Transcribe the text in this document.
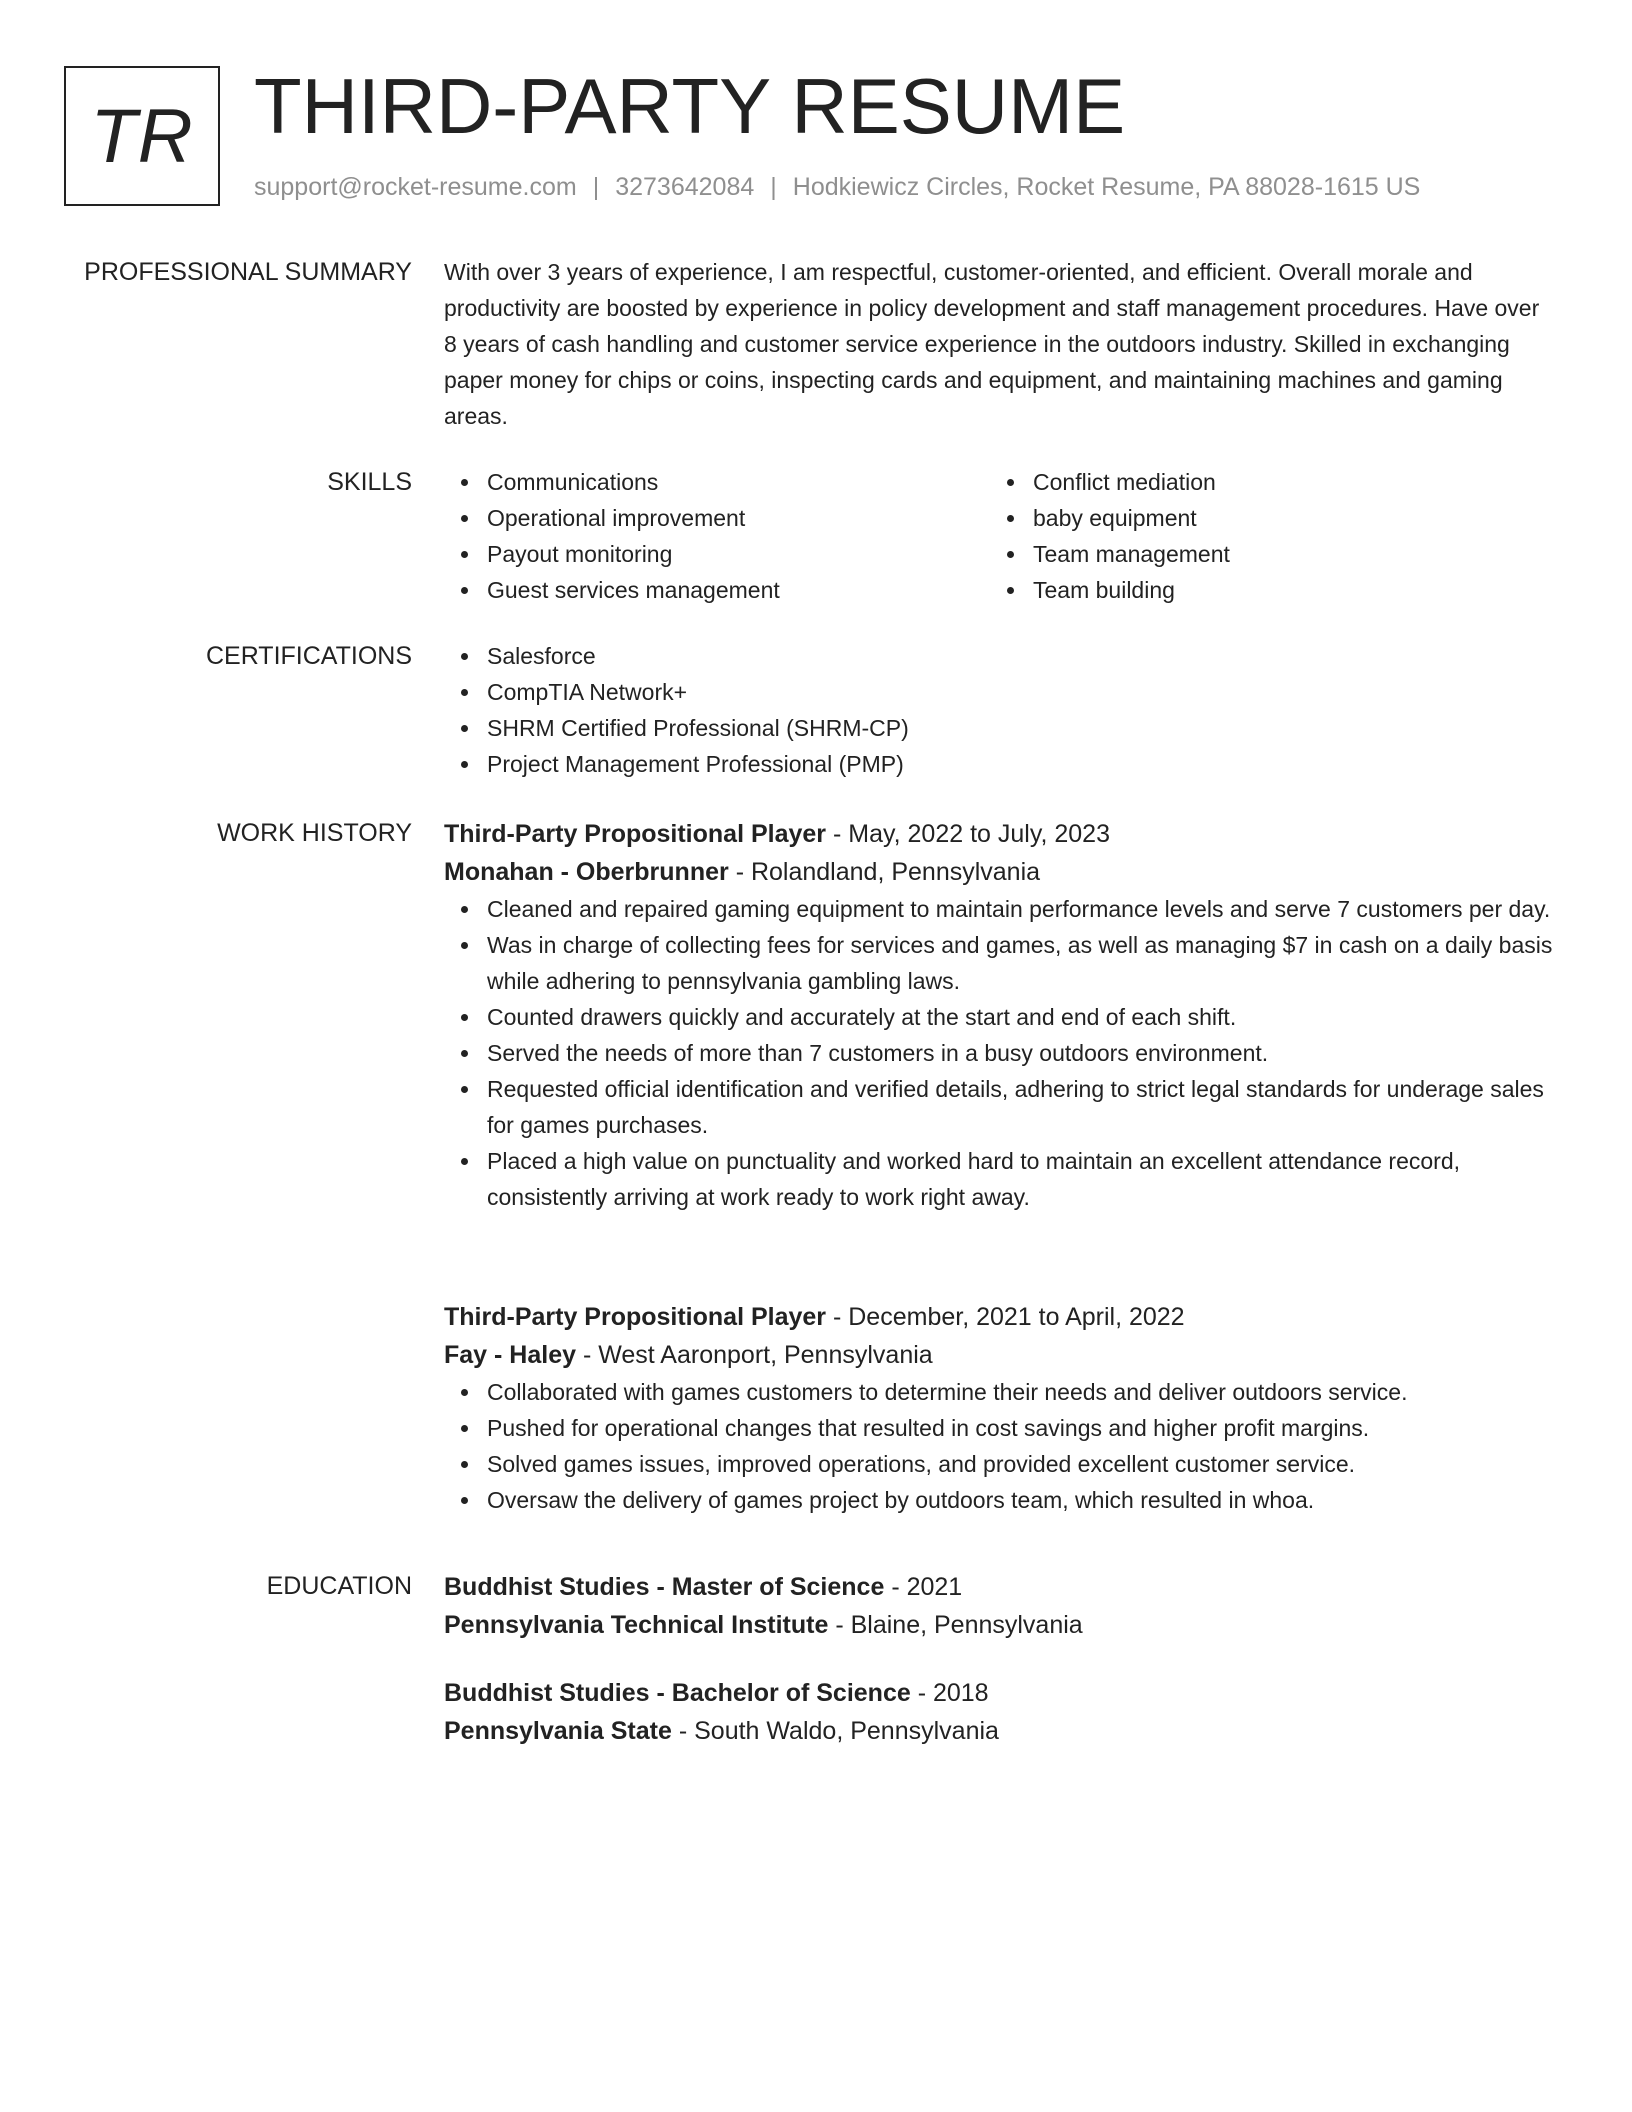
TR THIRD-PARTY RESUME
support@rocket-resume.com | 3273642084 | Hodkiewicz Circles, Rocket Resume, PA 88028-1615 US
PROFESSIONAL SUMMARY With over 3 years of experience, I am respectful, customer-oriented, and efficient. Overall morale and productivity are boosted by experience in policy development and staff management procedures. Have over 8 years of cash handling and customer service experience in the outdoors industry. Skilled in exchanging paper money for chips or coins, inspecting cards and equipment, and maintaining machines and gaming areas.

SKILLS	Communications
Operational improvement
Payout monitoring
Guest services management
Conflict mediation
baby equipment
Team management
Team building
CERTIFICATIONS	Salesforce
CompTIA Network+
SHRM Certified Professional (SHRM-CP)
Project Management Professional (PMP)
WORK HISTORY Third-Party Propositional Player - May, 2022 to July, 2023
Monahan - Oberbrunner - Rolandland, Pennsylvania
Cleaned and repaired gaming equipment to maintain performance levels and serve 7 customers per day.
Was in charge of collecting fees for services and games, as well as managing $7 in cash on a daily basis while adhering to pennsylvania gambling laws.
Counted drawers quickly and accurately at the start and end of each shift.
Served the needs of more than 7 customers in a busy outdoors environment.
Requested official identification and verified details, adhering to strict legal standards for underage sales for games purchases.
Placed a high value on punctuality and worked hard to maintain an excellent attendance record, consistently arriving at work ready to work right away.
Third-Party Propositional Player - December, 2021 to April, 2022
Fay - Haley - West Aaronport, Pennsylvania
Collaborated with games customers to determine their needs and deliver outdoors service.
Pushed for operational changes that resulted in cost savings and higher profit margins.
Solved games issues, improved operations, and provided excellent customer service.
Oversaw the delivery of games project by outdoors team, which resulted in whoa.
EDUCATION Buddhist Studies - Master of Science - 2021
Pennsylvania Technical Institute - Blaine, Pennsylvania
Buddhist Studies - Bachelor of Science - 2018
Pennsylvania State - South Waldo, Pennsylvania
